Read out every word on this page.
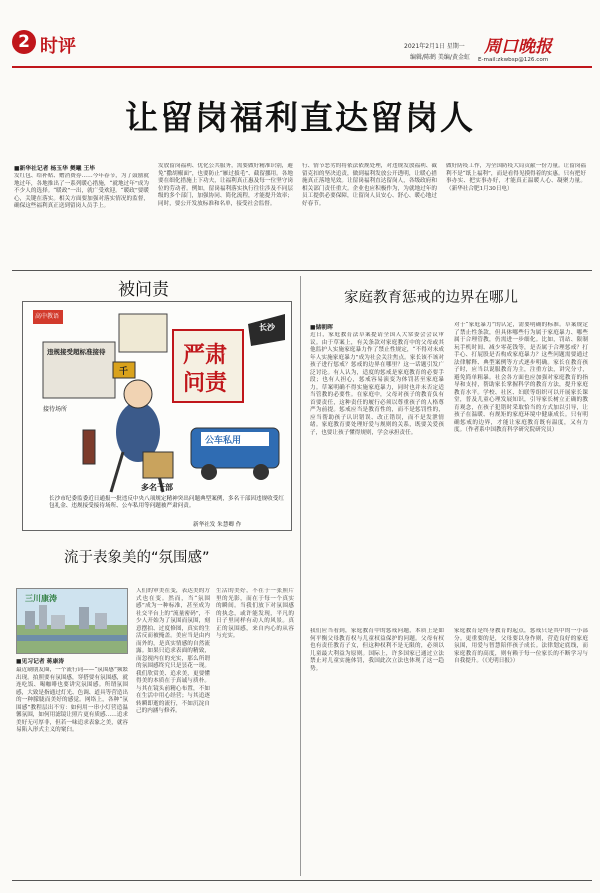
2 时评	2021年2月1日 星期一
编辑/陈鹤 美编/黄金虹
周口晚报
E-mail:zkwbsp@126.com
让留岗福利直达留岗人
■新华社记者 杨玉华 樊曦 王毕
发红包、给补贴、赠消费券……今年春节，为了鼓励就地过年，各地推出了一系列暖心措施，“就地过年”成为不少人的选择。“暖政”一出，就广受欢迎。“暖政”要暖心，关键在落实。相关方面要加强对落实情况的监督，确保这些福利真正送到留岗人员手上。
发放留岗福利、优化公共服务，需要做好精准识别，避免“撒胡椒面”，也要防止“雁过拔毛”、截留挪用。各地要在细化措施上下功夫，让福利真正惠及每一位坚守岗位的劳动者。例如，留岗福利落实执行往往涉及不同层级的多个部门，加强协同、简化流程，才能提升效率；同时，要公开发放标准和名单，接受社会监督。
行、情节恶劣的将依法依规处理，对违规发放福利、截留克扣的坚决追责，做到福利发放公开透明，让暖心措施真正落地见效。让留岗福利直达留岗人，各级政府和相关部门责任重大。企业也应积极作为，为就地过年的员工提供必要保障，让留岗人员安心、舒心、暖心地过好春节。
做好防疫工作，为全国防疫大局贡献一份力量。让留岗福利不是“纸上福利”，而是看得见摸得着的实惠。只有把好事办实、把实事办好，才能真正温暖人心、凝聚力量。（新华社合肥1月30日电）
被问责
高中教语
违规接受超标准接待	严肃
问责
长沙
千
接待场所
多名干部
公车私用
长沙市纪委监委近日通报一批违反中央八项规定精神突出问题典型案例，多名干部因违规收受红包礼金、违规接受接待场所、公车私用等问题被严肃问责。
新华社发 朱慧卿 作
家庭教育惩戒的边界在哪儿
■储朝晖
近日，家庭教育法草案提请全国人大常委会会议审议。由于草案上，有关条款对家庭教育中的父母或其他监护人实施家庭暴力作了禁止性规定，“不得对未成年人实施家庭暴力”成为社会关注焦点。家长该不该对孩子进行惩戒？惩戒的边界在哪里？这一话题引发广泛讨论。有人认为，适度的惩戒是家庭教育的必要手段；也有人担心，惩戒容易演变为体罚甚至家庭暴力。草案明确不得实施家庭暴力，同时也并未否定适当管教的必要性。在家庭中，父母对孩子的教育负有首要责任，这种责任的履行必须以尊重孩子的人格尊严为前提。惩戒应当是教育性的，而不是惩罚性的，应当帮助孩子认识错误、改正错误，而不是发泄情绪。家庭教育要处理好爱与规则的关系，既要关爱孩子，也要让孩子懂得规则，学会承担责任。
对于“家庭暴力”的认定，需要明确的标准。草案规定了禁止性条款，但具体哪些行为属于家庭暴力、哪些属于合理管教，仍需进一步细化。比如，罚站、限制玩手机时间、减少零花钱等，是否属于合理惩戒？打手心、打屁股是否构成家庭暴力？这些问题需要通过法律解释、典型案例等方式逐步明确。家长在教育孩子时，应当以说服教育为主，注重方法，讲究分寸，避免简单粗暴。社会各方面也应加强对家庭教育的指导和支持，帮助家长掌握科学的教育方法，提升家庭教育水平。学校、社区、妇联等组织可以开展家长课堂，普及儿童心理发展知识，引导家长树立正确的教育观念，在孩子犯错时采取恰当的方式加以引导，让孩子在温暖、有规矩的家庭环境中健康成长。只有明确惩戒的边界，才能让家庭教育既有温度，又有力度。（作者系中国教育科学研究院研究员）
我们应当看到，家庭教育中的惩戒问题，本质上是如何平衡父母教育权与儿童权益保护的问题。父母有权也有责任教育子女，但这种权利不是无限的，必须以儿童最大利益为原则。国际上，许多国家已通过立法禁止对儿童实施体罚，我国此次立法也体现了这一趋势。
家庭教育是终身教育的起点，惩戒只是其中的一小部分。更重要的是，父母要以身作则，营造良好的家庭氛围，用爱与智慧陪伴孩子成长。法律划定底线，而家庭教育的高度，则有赖于每一位家长的不断学习与自我提升。（《光明日报》）
流于表象美的“氛围感”
三川康涛
■见习记者 蒋康涛
最近刷朋友圈，一个流行词——“氛围感”频繁出现。拍照要有氛围感，穿搭要有氛围感，就连吃饭、喝咖啡也要讲究氛围感。所谓氛围感，大致是指通过灯光、色调、道具等营造出的一种朦胧而美好的感觉。网络上，各种“氛围感”教程层出不穷：如何用一串小灯营造温馨氛围，如何用滤镜让照片更有质感……追求美好无可厚非，但若一味追求表象之美，就容易陷入形式主义的窠臼。
人们的审美在变，表达美的方式也在变。然而，当“氛围感”成为一种标准，甚至成为社交平台上的“流量密码”，不少人开始为了氛围而氛围，刻意摆拍、过度修图，真实的生活反而被掩盖。美应当是由内而外的，是真实情感的自然流露。如果只追求表面的精致，而忽视内在的充实，那么所谓的氛围感终究只是昙花一现。我们欣赏美、追求美，更要懂得美的本质在于真诚与质朴。与其在镜头前精心布置，不如在生活中用心经营；与其追逐转瞬即逝的流行，不如沉淀自己的内涵与修养。
生活的美好，不在于一张照片里的光影，而在于每一个真实的瞬间。当我们放下对氛围感的执念，或许能发现，平凡的日子里同样有动人的风景。真正的氛围感，来自内心的从容与充实。
